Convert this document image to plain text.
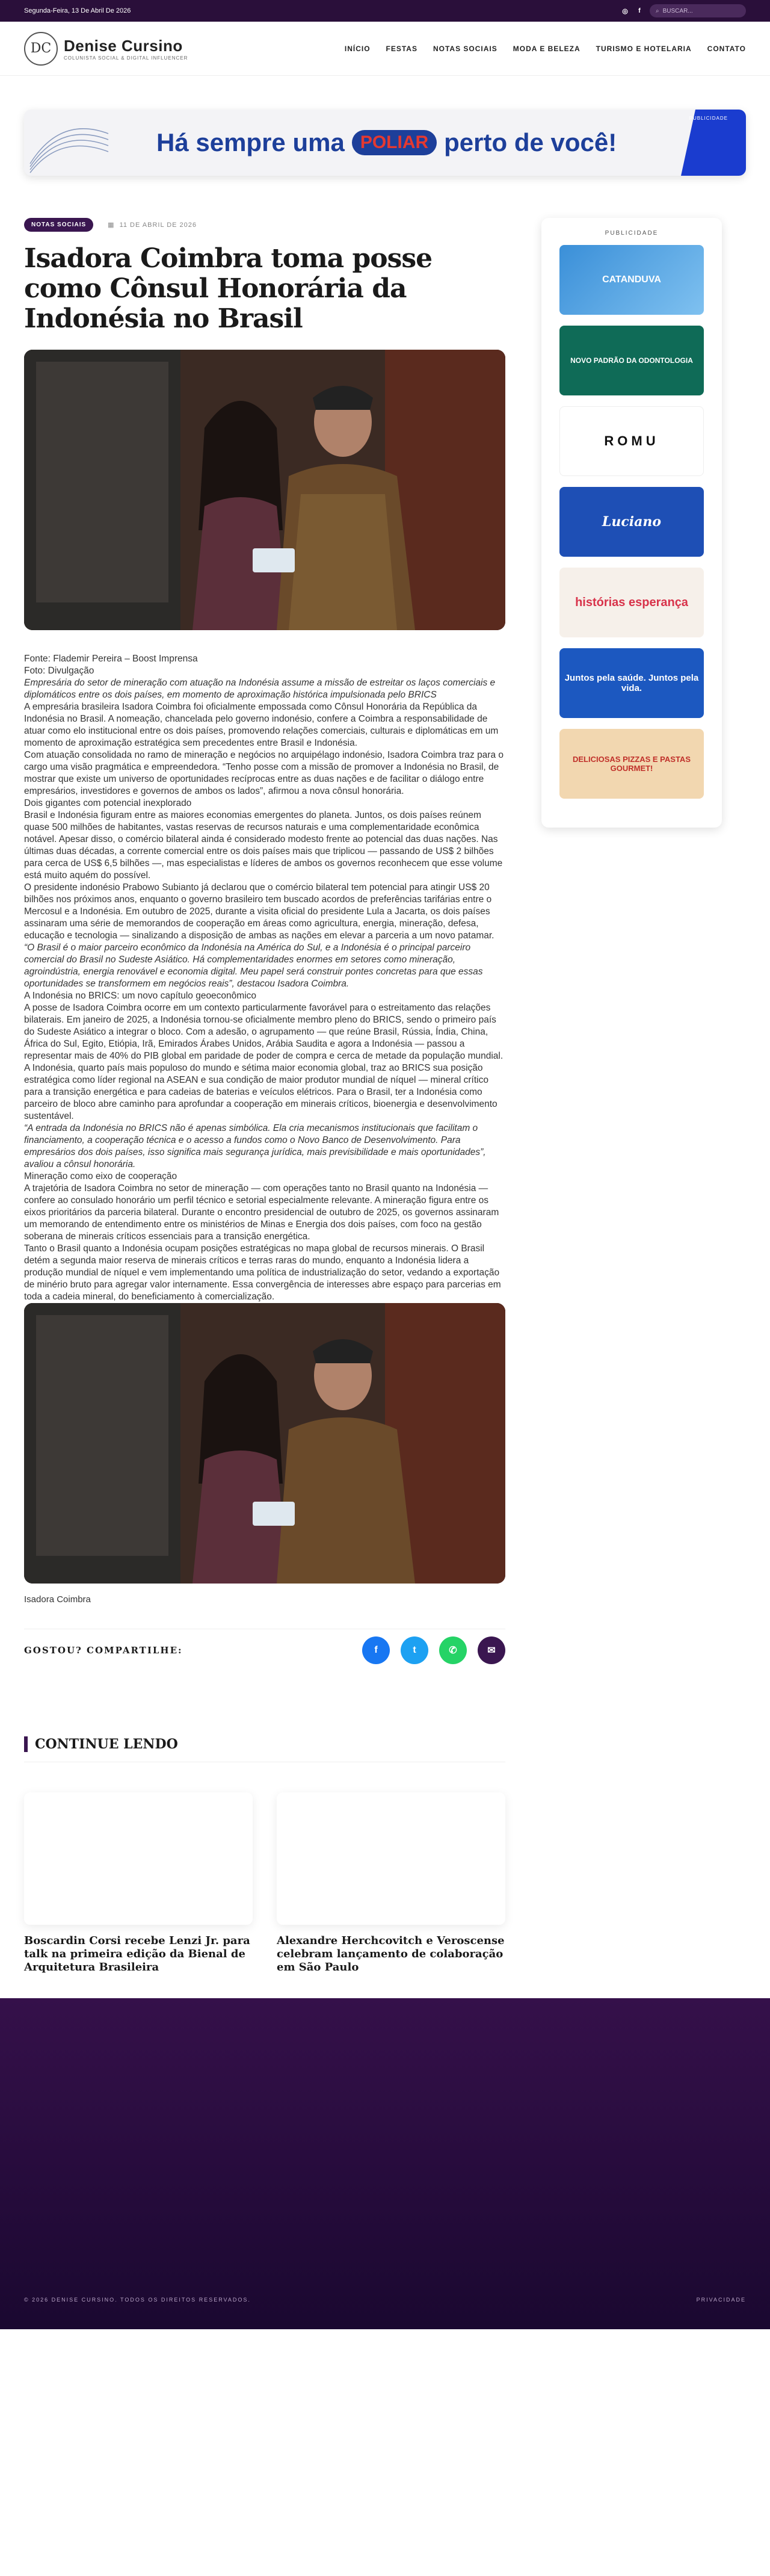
Segunda-Feira, 13 De Abril De 2026	◎	f	⌕ BUSCAR...
DC Denise Cursino
COLUNISTA SOCIAL & DIGITAL INFLUENCER
INÍCIO FESTAS NOTAS SOCIAIS MODA E BELEZA TURISMO E HOTELARIA CONTATO
Há sempre uma POLIAR perto de você!
PUBLICIDADE
NOTAS SOCIAIS	▦ 11 DE ABRIL DE 2026
Isadora Coimbra toma posse como Cônsul Honorária da Indonésia no Brasil

Fonte: Flademir Pereira – Boost Imprensa

Foto: Divulgação

Empresária do setor de mineração com atuação na Indonésia assume a missão de estreitar os laços comerciais e diplomáticos entre os dois países, em momento de aproximação histórica impulsionada pelo BRICS

A empresária brasileira Isadora Coimbra foi oficialmente empossada como Cônsul Honorária da República da Indonésia no Brasil. A nomeação, chancelada pelo governo indonésio, confere a Coimbra a responsabilidade de atuar como elo institucional entre os dois países, promovendo relações comerciais, culturais e diplomáticas em um momento de aproximação estratégica sem precedentes entre Brasil e Indonésia.

Com atuação consolidada no ramo de mineração e negócios no arquipélago indonésio, Isadora Coimbra traz para o cargo uma visão pragmática e empreendedora. “Tenho posse com a missão de promover a Indonésia no Brasil, de mostrar que existe um universo de oportunidades recíprocas entre as duas nações e de facilitar o diálogo entre empresários, investidores e governos de ambos os lados”, afirmou a nova cônsul honorária.

Dois gigantes com potencial inexplorado

Brasil e Indonésia figuram entre as maiores economias emergentes do planeta. Juntos, os dois países reúnem quase 500 milhões de habitantes, vastas reservas de recursos naturais e uma complementaridade econômica notável. Apesar disso, o comércio bilateral ainda é considerado modesto frente ao potencial das duas nações. Nas últimas duas décadas, a corrente comercial entre os dois países mais que triplicou — passando de US$ 2 bilhões para cerca de US$ 6,5 bilhões —, mas especialistas e líderes de ambos os governos reconhecem que esse volume está muito aquém do possível.

O presidente indonésio Prabowo Subianto já declarou que o comércio bilateral tem potencial para atingir US$ 20 bilhões nos próximos anos, enquanto o governo brasileiro tem buscado acordos de preferências tarifárias entre o Mercosul e a Indonésia. Em outubro de 2025, durante a visita oficial do presidente Lula a Jacarta, os dois países assinaram uma série de memorandos de cooperação em áreas como agricultura, energia, mineração, defesa, educação e tecnologia — sinalizando a disposição de ambas as nações em elevar a parceria a um novo patamar.

“O Brasil é o maior parceiro econômico da Indonésia na América do Sul, e a Indonésia é o principal parceiro comercial do Brasil no Sudeste Asiático. Há complementaridades enormes em setores como mineração, agroindústria, energia renovável e economia digital. Meu papel será construir pontes concretas para que essas oportunidades se transformem em negócios reais”, destacou Isadora Coimbra.

A Indonésia no BRICS: um novo capítulo geoeconômico

A posse de Isadora Coimbra ocorre em um contexto particularmente favorável para o estreitamento das relações bilaterais. Em janeiro de 2025, a Indonésia tornou-se oficialmente membro pleno do BRICS, sendo o primeiro país do Sudeste Asiático a integrar o bloco. Com a adesão, o agrupamento — que reúne Brasil, Rússia, Índia, China, África do Sul, Egito, Etiópia, Irã, Emirados Árabes Unidos, Arábia Saudita e agora a Indonésia — passou a representar mais de 40% do PIB global em paridade de poder de compra e cerca de metade da população mundial.

A Indonésia, quarto país mais populoso do mundo e sétima maior economia global, traz ao BRICS sua posição estratégica como líder regional na ASEAN e sua condição de maior produtor mundial de níquel — mineral crítico para a transição energética e para cadeias de baterias e veículos elétricos. Para o Brasil, ter a Indonésia como parceiro de bloco abre caminho para aprofundar a cooperação em minerais críticos, bioenergia e desenvolvimento sustentável.

“A entrada da Indonésia no BRICS não é apenas simbólica. Ela cria mecanismos institucionais que facilitam o financiamento, a cooperação técnica e o acesso a fundos como o Novo Banco de Desenvolvimento. Para empresários dos dois países, isso significa mais segurança jurídica, mais previsibilidade e mais oportunidades”, avaliou a cônsul honorária.

Mineração como eixo de cooperação

A trajetória de Isadora Coimbra no setor de mineração — com operações tanto no Brasil quanto na Indonésia — confere ao consulado honorário um perfil técnico e setorial especialmente relevante. A mineração figura entre os eixos prioritários da parceria bilateral. Durante o encontro presidencial de outubro de 2025, os governos assinaram um memorando de entendimento entre os ministérios de Minas e Energia dos dois países, com foco na gestão soberana de minerais críticos essenciais para a transição energética.

Tanto o Brasil quanto a Indonésia ocupam posições estratégicas no mapa global de recursos minerais. O Brasil detém a segunda maior reserva de minerais críticos e terras raras do mundo, enquanto a Indonésia lidera a produção mundial de níquel e vem implementando uma política de industrialização do setor, vedando a exportação de minério bruto para agregar valor internamente. Essa convergência de interesses abre espaço para parcerias em toda a cadeia mineral, do beneficiamento à comercialização.

Isadora Coimbra
GOSTOU? COMPARTILHE:	f	t	✆	✉
CONTINUE LENDO
Boscardin Corsi recebe Lenzi Jr. para talk na primeira edição da Bienal de Arquitetura Brasileira
Alexandre Herchcovitch e Veroscense celebram lançamento de colaboração em São Paulo
PUBLICIDADE
CATANDUVA
NOVO PADRÃO DA ODONTOLOGIA
ROMU
Luciano
histórias esperança
Juntos pela saúde. Juntos pela vida.
DELICIOSAS PIZZAS E PASTAS GOURMET!
© 2026 DENISE CURSINO. TODOS OS DIREITOS RESERVADOS.	PRIVACIDADE
